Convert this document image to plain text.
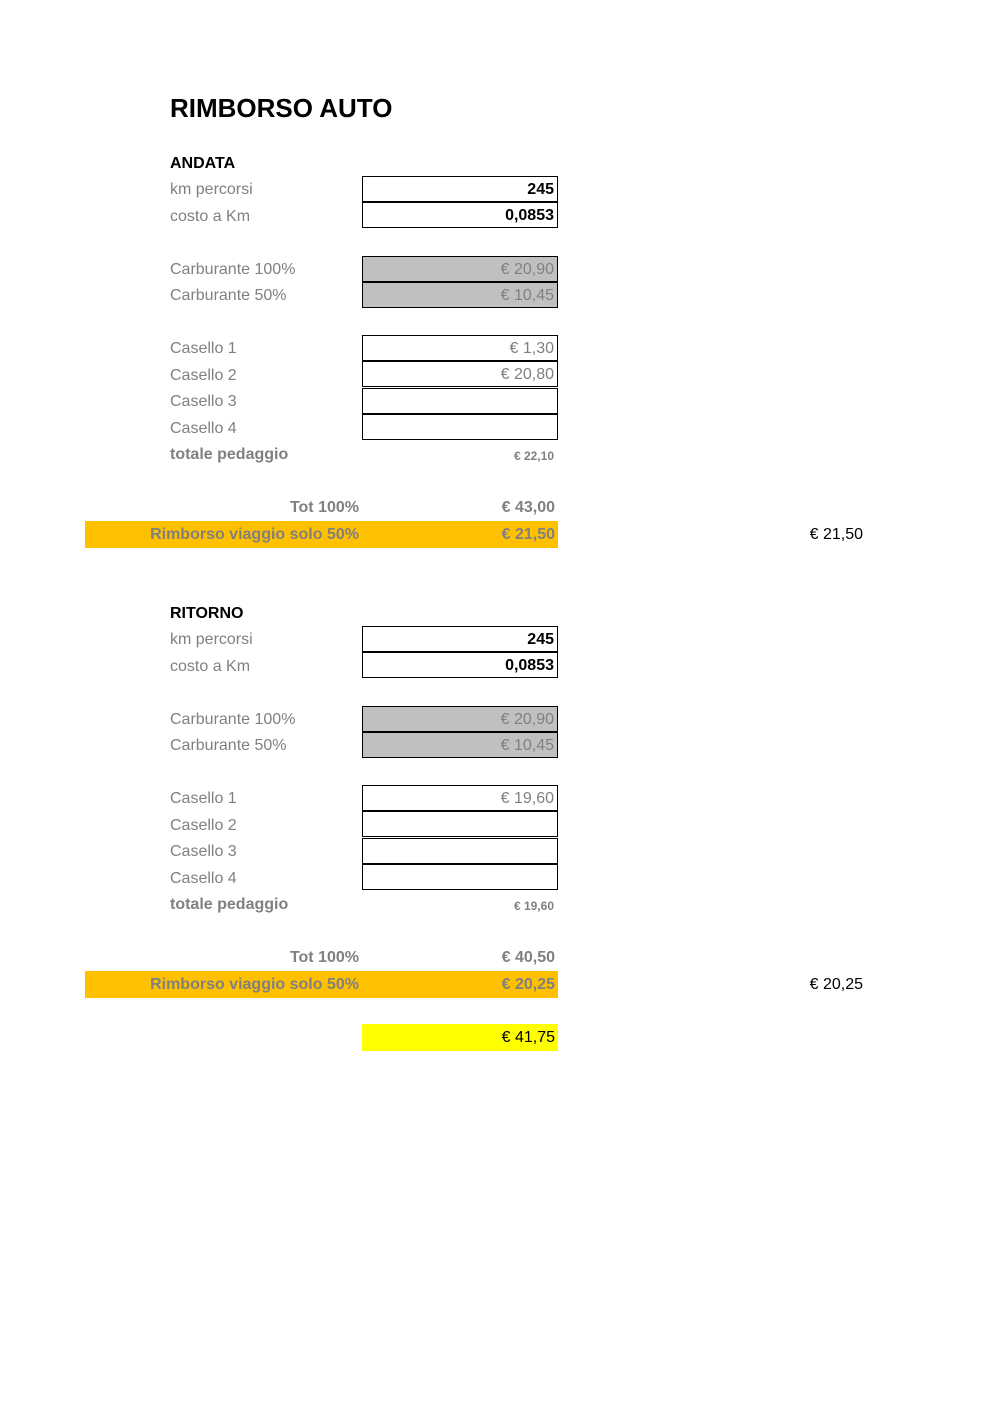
RIMBORSO AUTO
ANDATA
km percorsi	245
costo a Km	0,0853
Carburante 100%	€ 20,90
Carburante 50%	€ 10,45
Casello 1	€ 1,30
Casello 2	€ 20,80
Casello 3
Casello 4
totale pedaggio	€ 22,10
Tot 100%	€ 43,00
Rimborso viaggio solo 50%	€ 21,50	€ 21,50
RITORNO
km percorsi	245
costo a Km	0,0853
Carburante 100%	€ 20,90
Carburante 50%	€ 10,45
Casello 1	€ 19,60
Casello 2
Casello 3
Casello 4
totale pedaggio	€ 19,60
Tot 100%	€ 40,50
Rimborso viaggio solo 50%	€ 20,25	€ 20,25
€ 41,75
